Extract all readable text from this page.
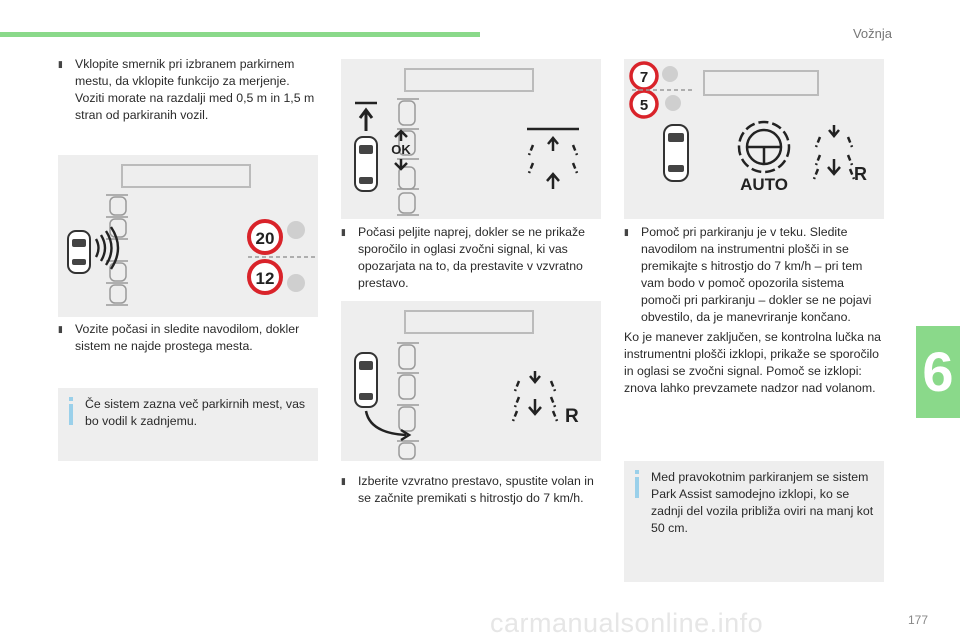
Vožnja
6
177
carmanualsonline.info
▮ Vklopite smernik pri izbranem parkirnem mestu, da vklopite funkcijo za merjenje. Voziti morate na razdalji med 0,5 m in 1,5 m stran od parkiranih vozil.
20
12
▮ Vozite počasi in sledite navodilom, dokler sistem ne najde prostega mesta.
Če sistem zazna več parkirnih mest, vas bo vodil k zadnjemu.
OK
▮ Počasi peljite naprej, dokler se ne prikaže sporočilo in oglasi zvočni signal, ki vas opozarjata na to, da prestavite v vzvratno prestavo.
R
▮ Izberite vzvratno prestavo, spustite volan in se začnite premikati s hitrostjo do 7 km/h.
7
5
AUTO
R
▮ Pomoč pri parkiranju je v teku. Sledite navodilom na instrumentni plošči in se premikajte s hitrostjo do 7 km/h – pri tem vam bodo v pomoč opozorila sistema pomoči pri parkiranju – dokler se ne pojavi obvestilo, da je manevriranje končano.
Ko je manever zaključen, se kontrolna lučka na instrumentni plošči izklopi, prikaže se sporočilo in oglasi se zvočni signal. Pomoč se izklopi: znova lahko prevzamete nadzor nad volanom.
Med pravokotnim parkiranjem se sistem Park Assist samodejno izklopi, ko se zadnji del vozila približa oviri na manj kot 50 cm.
